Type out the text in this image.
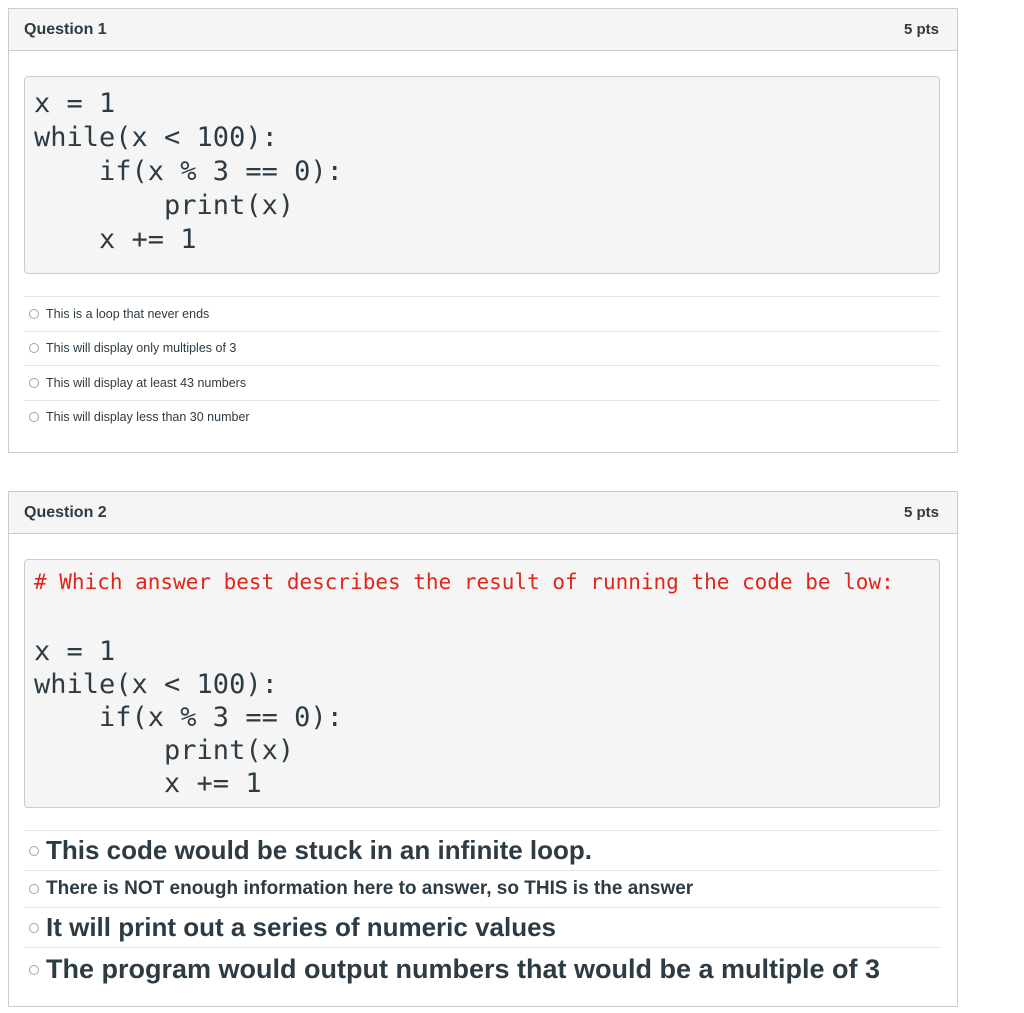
Question 1	5 pts
x = 1
while(x < 100):
if(x % 3 == 0):
print(x)
x += 1
This is a loop that never ends
This will display only multiples of 3
This will display at least 43 numbers
This will display less than 30 number
Question 2	5 pts
# Which answer best describes the result of running the code be low:
x = 1
while(x < 100):
if(x % 3 == 0):
print(x)
x += 1
This code would be stuck in an infinite loop.
There is NOT enough information here to answer, so THIS is the answer
It will print out a series of numeric values
The program would output numbers that would be a multiple of 3
